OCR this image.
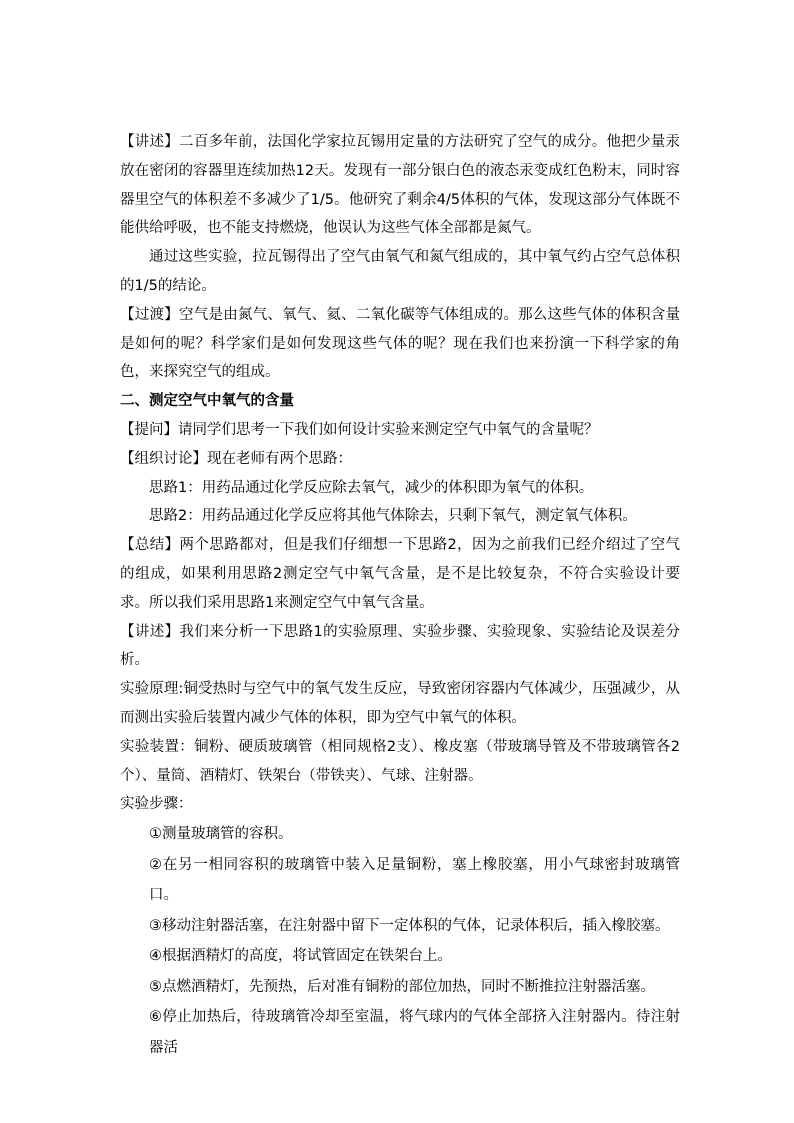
【讲述】二百多年前，法国化学家拉瓦锡用定量的方法研究了空气的成分。他把少量汞放在密闭的容器里连续加热12天。发现有一部分银白色的液态汞变成红色粉末，同时容器里空气的体积差不多减少了1∕5。他研究了剩余4∕5体积的气体，发现这部分气体既不能供给呼吸，也不能支持燃烧，他误认为这些气体全部都是氮气。

通过这些实验，拉瓦锡得出了空气由氧气和氮气组成的，其中氧气约占空气总体积的1∕5的结论。

【过渡】空气是由氮气、氧气、氦、二氧化碳等气体组成的。那么这些气体的体积含量是如何的呢？科学家们是如何发现这些气体的呢？现在我们也来扮演一下科学家的角色，来探究空气的组成。

二、测定空气中氧气的含量

【提问】请同学们思考一下我们如何设计实验来测定空气中氧气的含量呢？

【组织讨论】现在老师有两个思路：

思路1：用药品通过化学反应除去氧气，减少的体积即为氧气的体积。

思路2：用药品通过化学反应将其他气体除去，只剩下氧气，测定氧气体积。

【总结】两个思路都对，但是我们仔细想一下思路2，因为之前我们已经介绍过了空气的组成，如果利用思路2测定空气中氧气含量，是不是比较复杂，不符合实验设计要求。所以我们采用思路1来测定空气中氧气含量。

【讲述】我们来分析一下思路1的实验原理、实验步骤、实验现象、实验结论及误差分析。

实验原理:铜受热时与空气中的氧气发生反应，导致密闭容器内气体减少，压强减少，从而测出实验后装置内减少气体的体积，即为空气中氧气的体积。

实验装置：铜粉、硬质玻璃管（相同规格2支）、橡皮塞（带玻璃导管及不带玻璃管各2个）、量筒、酒精灯、铁架台（带铁夹）、气球、注射器。

实验步骤：

①测量玻璃管的容积。

②在另一相同容积的玻璃管中装入足量铜粉，塞上橡胶塞，用小气球密封玻璃管口。

③移动注射器活塞，在注射器中留下一定体积的气体，记录体积后，插入橡胶塞。

④根据酒精灯的高度，将试管固定在铁架台上。

⑤点燃酒精灯，先预热，后对准有铜粉的部位加热，同时不断推拉注射器活塞。

⑥停止加热后，待玻璃管冷却至室温，将气球内的气体全部挤入注射器内。待注射器活
